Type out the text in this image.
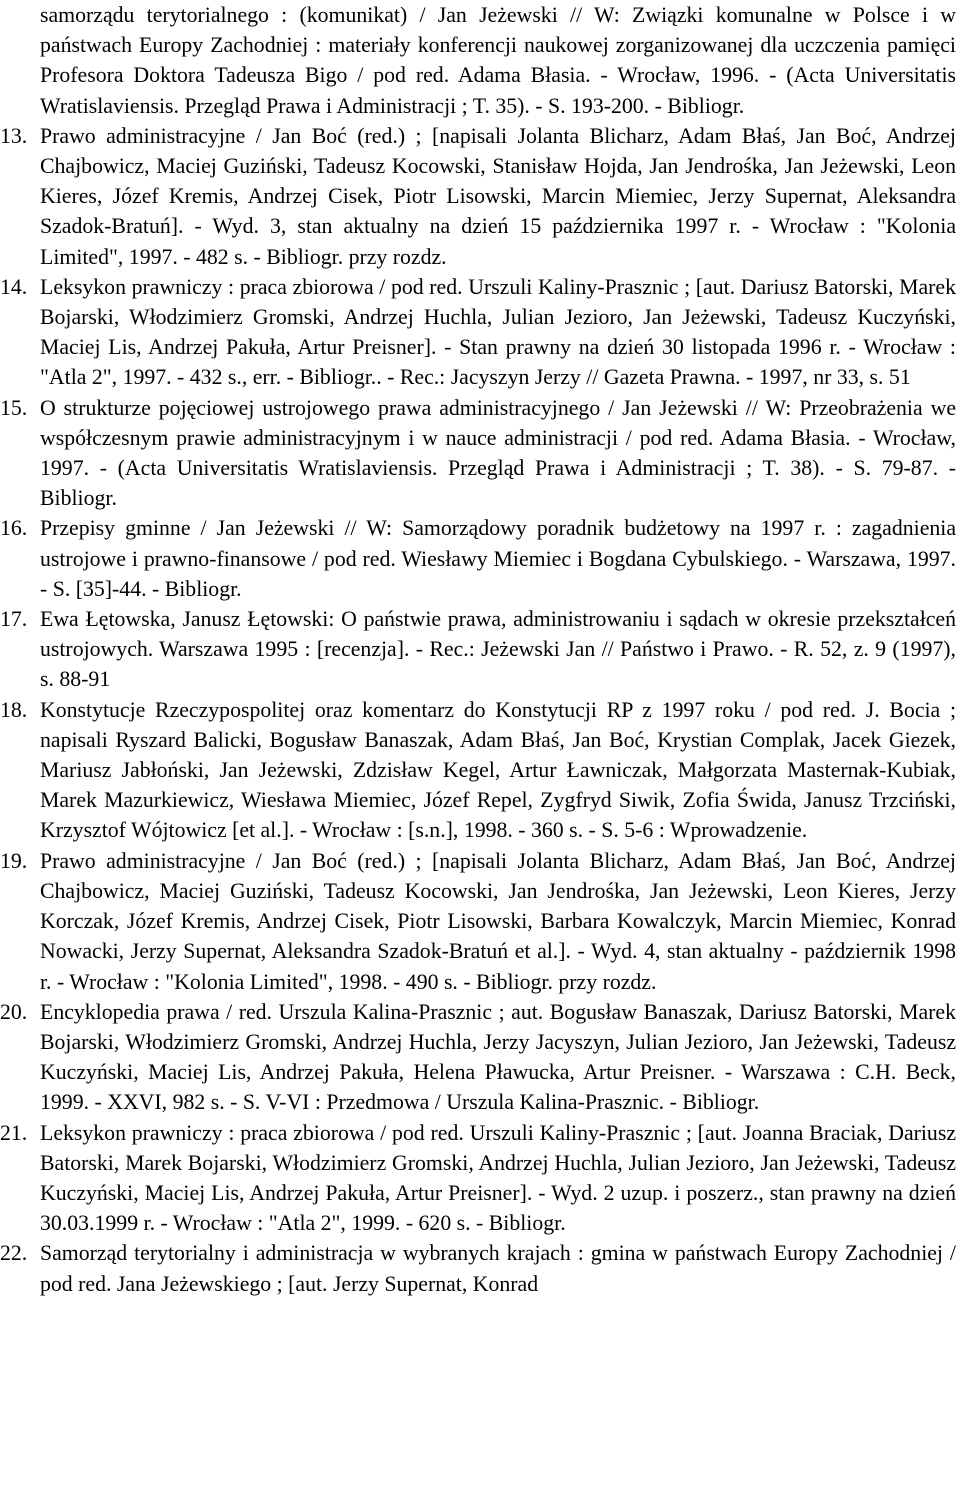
samorządu terytorialnego : (komunikat) / Jan Jeżewski // W: Związki komunalne w Polsce i w państwach Europy Zachodniej : materiały konferencji naukowej zorganizowanej dla uczczenia pamięci Profesora Doktora Tadeusza Bigo / pod red. Adama Błasia. - Wrocław, 1996. - (Acta Universitatis Wratislaviensis. Przegląd Prawa i Administracji ; T. 35). - S. 193-200. - Bibliogr.
13. Prawo administracyjne / Jan Boć (red.) ; [napisali Jolanta Blicharz, Adam Błaś, Jan Boć, Andrzej Chajbowicz, Maciej Guziński, Tadeusz Kocowski, Stanisław Hojda, Jan Jendrośka, Jan Jeżewski, Leon Kieres, Józef Kremis, Andrzej Cisek, Piotr Lisowski, Marcin Miemiec, Jerzy Supernat, Aleksandra Szadok-Bratuń]. - Wyd. 3, stan aktualny na dzień 15 października 1997 r. - Wrocław : "Kolonia Limited", 1997. - 482 s. - Bibliogr. przy rozdz.
14. Leksykon prawniczy : praca zbiorowa / pod red. Urszuli Kaliny-Prasznic ; [aut. Dariusz Batorski, Marek Bojarski, Włodzimierz Gromski, Andrzej Huchla, Julian Jezioro, Jan Jeżewski, Tadeusz Kuczyński, Maciej Lis, Andrzej Pakuła, Artur Preisner]. - Stan prawny na dzień 30 listopada 1996 r. - Wrocław : "Atla 2", 1997. - 432 s., err. - Bibliogr.. - Rec.: Jacyszyn Jerzy // Gazeta Prawna. - 1997, nr 33, s. 51
15. O strukturze pojęciowej ustrojowego prawa administracyjnego / Jan Jeżewski // W: Przeobrażenia we współczesnym prawie administracyjnym i w nauce administracji / pod red. Adama Błasia. - Wrocław, 1997. - (Acta Universitatis Wratislaviensis. Przegląd Prawa i Administracji ; T. 38). - S. 79-87. - Bibliogr.
16. Przepisy gminne / Jan Jeżewski // W: Samorządowy poradnik budżetowy na 1997 r. : zagadnienia ustrojowe i prawno-finansowe / pod red. Wiesławy Miemiec i Bogdana Cybulskiego. - Warszawa, 1997. - S. [35]-44. - Bibliogr.
17. Ewa Łętowska, Janusz Łętowski: O państwie prawa, administrowaniu i sądach w okresie przekształceń ustrojowych. Warszawa 1995 : [recenzja]. - Rec.: Jeżewski Jan // Państwo i Prawo. - R. 52, z. 9 (1997), s. 88-91
18. Konstytucje Rzeczypospolitej oraz komentarz do Konstytucji RP z 1997 roku / pod red. J. Bocia ; napisali Ryszard Balicki, Bogusław Banaszak, Adam Błaś, Jan Boć, Krystian Complak, Jacek Giezek, Mariusz Jabłoński, Jan Jeżewski, Zdzisław Kegel, Artur Ławniczak, Małgorzata Masternak-Kubiak, Marek Mazurkiewicz, Wiesława Miemiec, Józef Repel, Zygfryd Siwik, Zofia Świda, Janusz Trzciński, Krzysztof Wójtowicz [et al.]. - Wrocław : [s.n.], 1998. - 360 s. - S. 5-6 : Wprowadzenie.
19. Prawo administracyjne / Jan Boć (red.) ; [napisali Jolanta Blicharz, Adam Błaś, Jan Boć, Andrzej Chajbowicz, Maciej Guziński, Tadeusz Kocowski, Jan Jendrośka, Jan Jeżewski, Leon Kieres, Jerzy Korczak, Józef Kremis, Andrzej Cisek, Piotr Lisowski, Barbara Kowalczyk, Marcin Miemiec, Konrad Nowacki, Jerzy Supernat, Aleksandra Szadok-Bratuń et al.]. - Wyd. 4, stan aktualny - październik 1998 r. - Wrocław : "Kolonia Limited", 1998. - 490 s. - Bibliogr. przy rozdz.
20. Encyklopedia prawa / red. Urszula Kalina-Prasznic ; aut. Bogusław Banaszak, Dariusz Batorski, Marek Bojarski, Włodzimierz Gromski, Andrzej Huchla, Jerzy Jacyszyn, Julian Jezioro, Jan Jeżewski, Tadeusz Kuczyński, Maciej Lis, Andrzej Pakuła, Helena Pławucka, Artur Preisner. - Warszawa : C.H. Beck, 1999. - XXVI, 982 s. - S. V-VI : Przedmowa / Urszula Kalina-Prasznic. - Bibliogr.
21. Leksykon prawniczy : praca zbiorowa / pod red. Urszuli Kaliny-Prasznic ; [aut. Joanna Braciak, Dariusz Batorski, Marek Bojarski, Włodzimierz Gromski, Andrzej Huchla, Julian Jezioro, Jan Jeżewski, Tadeusz Kuczyński, Maciej Lis, Andrzej Pakuła, Artur Preisner]. - Wyd. 2 uzup. i poszerz., stan prawny na dzień 30.03.1999 r. - Wrocław : "Atla 2", 1999. - 620 s. - Bibliogr.
22. Samorząd terytorialny i administracja w wybranych krajach : gmina w państwach Europy Zachodniej / pod red. Jana Jeżewskiego ; [aut. Jerzy Supernat, Konrad
